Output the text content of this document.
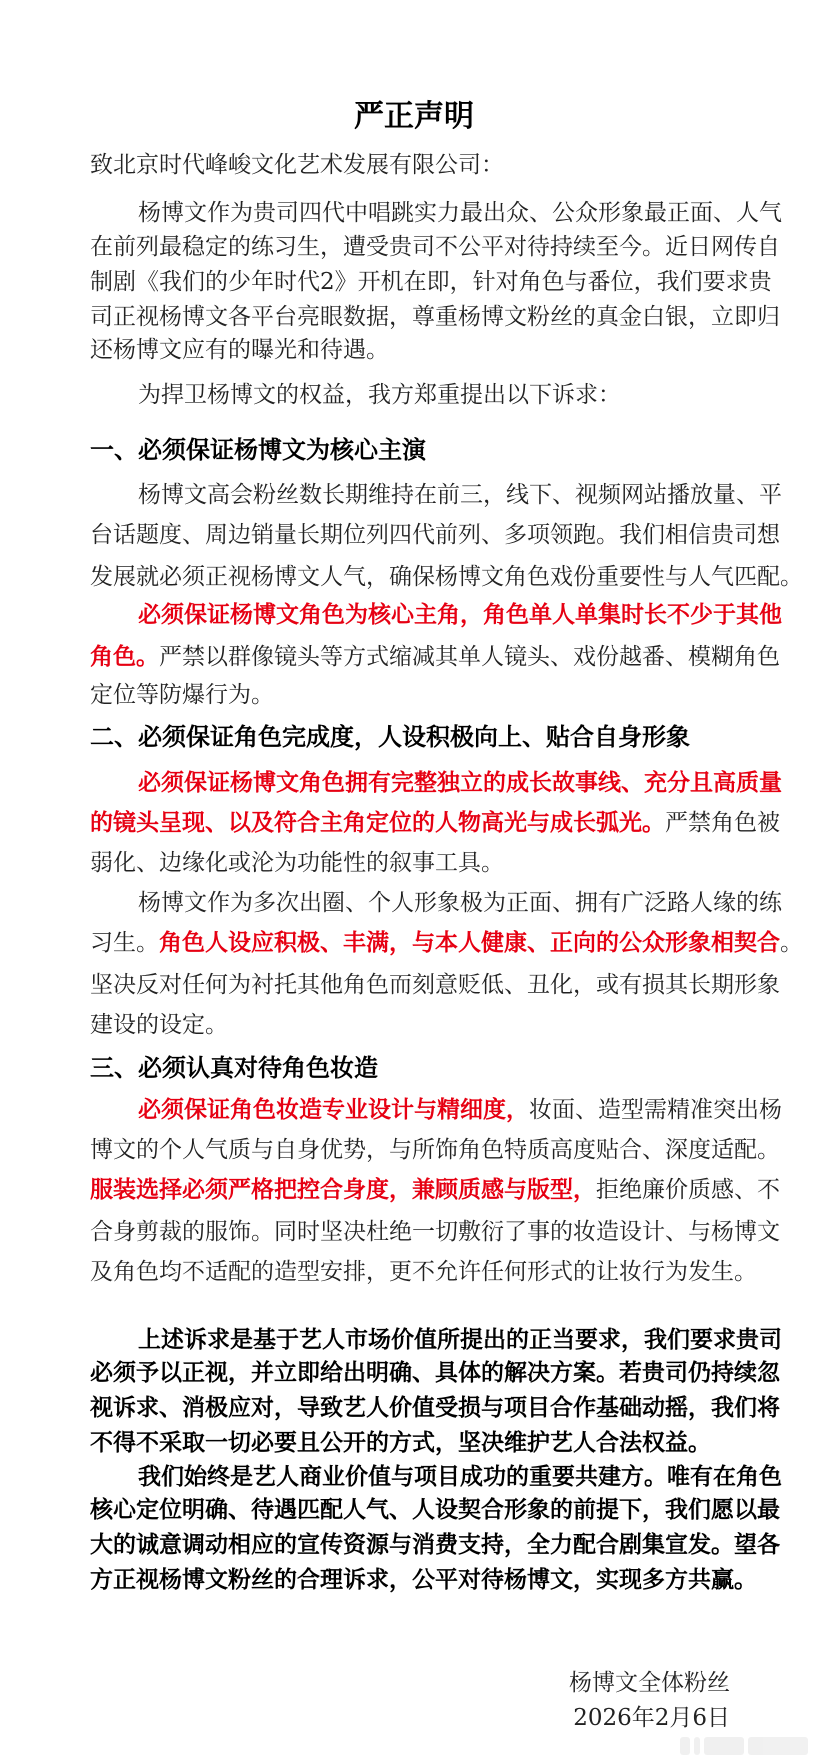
严正声明
致北京时代峰峻文化艺术发展有限公司：
杨博文作为贵司四代中唱跳实力最出众、公众形象最正面、人气
在前列最稳定的练习生，遭受贵司不公平对待持续至今。近日网传自
制剧《我们的少年时代2》开机在即，针对角色与番位，我们要求贵
司正视杨博文各平台亮眼数据，尊重杨博文粉丝的真金白银，立即归
还杨博文应有的曝光和待遇。
为捍卫杨博文的权益，我方郑重提出以下诉求：
一、必须保证杨博文为核心主演
杨博文高会粉丝数长期维持在前三，线下、视频网站播放量、平
台话题度、周边销量长期位列四代前列、多项领跑。我们相信贵司想
发展就必须正视杨博文人气，确保杨博文角色戏份重要性与人气匹配。
必须保证杨博文角色为核心主角，角色单人单集时长不少于其他
角色。严禁以群像镜头等方式缩减其单人镜头、戏份越番、模糊角色
定位等防爆行为。
二、必须保证角色完成度，人设积极向上、贴合自身形象
必须保证杨博文角色拥有完整独立的成长故事线、充分且高质量
的镜头呈现、以及符合主角定位的人物高光与成长弧光。严禁角色被
弱化、边缘化或沦为功能性的叙事工具。
杨博文作为多次出圈、个人形象极为正面、拥有广泛路人缘的练
习生。角色人设应积极、丰满，与本人健康、正向的公众形象相契合。
坚决反对任何为衬托其他角色而刻意贬低、丑化，或有损其长期形象
建设的设定。
三、必须认真对待角色妆造
必须保证角色妆造专业设计与精细度，妆面、造型需精准突出杨
博文的个人气质与自身优势，与所饰角色特质高度贴合、深度适配。
服装选择必须严格把控合身度，兼顾质感与版型，拒绝廉价质感、不
合身剪裁的服饰。同时坚决杜绝一切敷衍了事的妆造设计、与杨博文
及角色均不适配的造型安排，更不允许任何形式的让妆行为发生。
上述诉求是基于艺人市场价值所提出的正当要求，我们要求贵司
必须予以正视，并立即给出明确、具体的解决方案。若贵司仍持续忽
视诉求、消极应对，导致艺人价值受损与项目合作基础动摇，我们将
不得不采取一切必要且公开的方式，坚决维护艺人合法权益。
我们始终是艺人商业价值与项目成功的重要共建方。唯有在角色
核心定位明确、待遇匹配人气、人设契合形象的前提下，我们愿以最
大的诚意调动相应的宣传资源与消费支持，全力配合剧集宣发。望各
方正视杨博文粉丝的合理诉求，公平对待杨博文，实现多方共赢。
杨博文全体粉丝
2026年2月6日
